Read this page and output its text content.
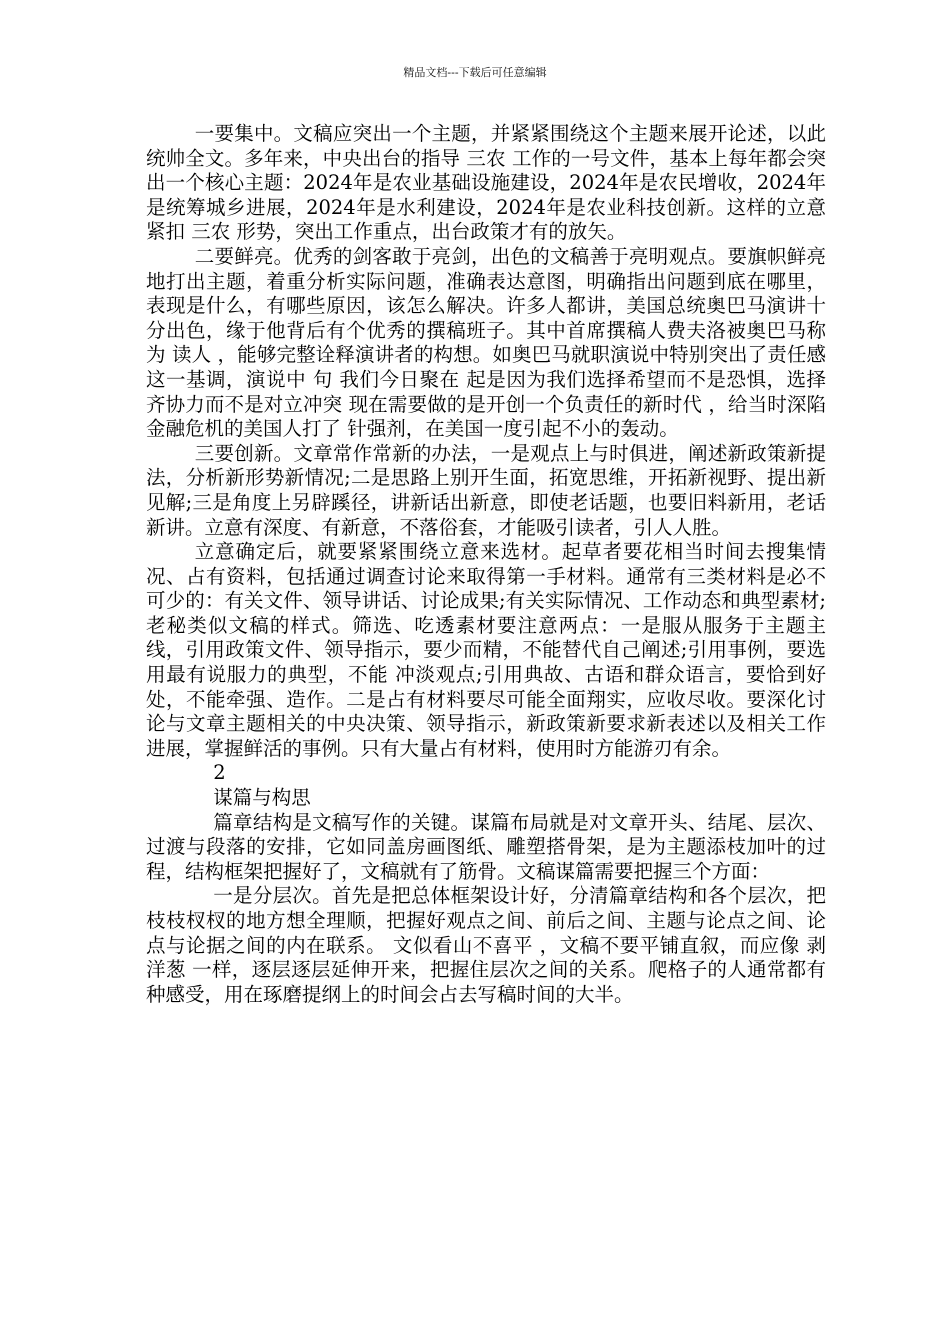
精品文档---下载后可任意编辑

一要集中。文稿应突出一个主题，并紧紧围绕这个主题来展开论述，以此统帅全文。多年来，中央出台的指导 三农 工作的一号文件，基本上每年都会突出一个核心主题：2024年是农业基础设施建设，2024年是农民增收，2024年是统筹城乡进展，2024年是水利建设，2024年是农业科技创新。这样的立意紧扣 三农 形势，突出工作重点，出台政策才有的放矢。

二要鲜亮。优秀的剑客敢于亮剑，出色的文稿善于亮明观点。要旗帜鲜亮地打出主题，着重分析实际问题，准确表达意图，明确指出问题到底在哪里，表现是什么，有哪些原因，该怎么解决。许多人都讲，美国总统奥巴马演讲十分出色，缘于他背后有个优秀的撰稿班子。其中首席撰稿人费夫洛被奥巴马称为 读人 ，能够完整诠释演讲者的构想。如奥巴马就职演说中特别突出了责任感这一基调，演说中 句 我们今日聚在 起是因为我们选择希望而不是恐惧，选择齐协力而不是对立冲突 现在需要做的是开创一个负责任的新时代 ，给当时深陷金融危机的美国人打了 针强剂，在美国一度引起不小的轰动。

三要创新。文章常作常新的办法，一是观点上与时俱进，阐述新政策新提法，分析新形势新情况;二是思路上别开生面，拓宽思维，开拓新视野、提出新见解;三是角度上另辟蹊径，讲新话出新意，即使老话题，也要旧料新用，老话新讲。立意有深度、有新意，不落俗套，才能吸引读者，引人人胜。

立意确定后，就要紧紧围绕立意来选材。起草者要花相当时间去搜集情况、占有资料，包括通过调查讨论来取得第一手材料。通常有三类材料是必不可少的：有关文件、领导讲话、讨论成果;有关实际情况、工作动态和典型素材;老秘类似文稿的样式。筛选、吃透素材要注意两点：一是服从服务于主题主线，引用政策文件、领导指示，要少而精，不能替代自己阐述;引用事例，要选用最有说服力的典型，不能 冲淡观点;引用典故、古语和群众语言，要恰到好处，不能牵强、造作。二是占有材料要尽可能全面翔实，应收尽收。要深化讨论与文章主题相关的中央决策、领导指示，新政策新要求新表述以及相关工作进展，掌握鲜活的事例。只有大量占有材料，使用时方能游刃有余。

2

谋篇与构思

篇章结构是文稿写作的关键。谋篇布局就是对文章开头、结尾、层次、过渡与段落的安排，它如同盖房画图纸、雕塑搭骨架，是为主题添枝加叶的过程，结构框架把握好了，文稿就有了筋骨。文稿谋篇需要把握三个方面：

一是分层次。首先是把总体框架设计好，分清篇章结构和各个层次，把枝枝杈杈的地方想全理顺，把握好观点之间、前后之间、主题与论点之间、论点与论据之间的内在联系。 文似看山不喜平 ，文稿不要平铺直叙，而应像 剥洋葱 一样，逐层逐层延伸开来，把握住层次之间的关系。爬格子的人通常都有种感受，用在琢磨提纲上的时间会占去写稿时间的大半。
